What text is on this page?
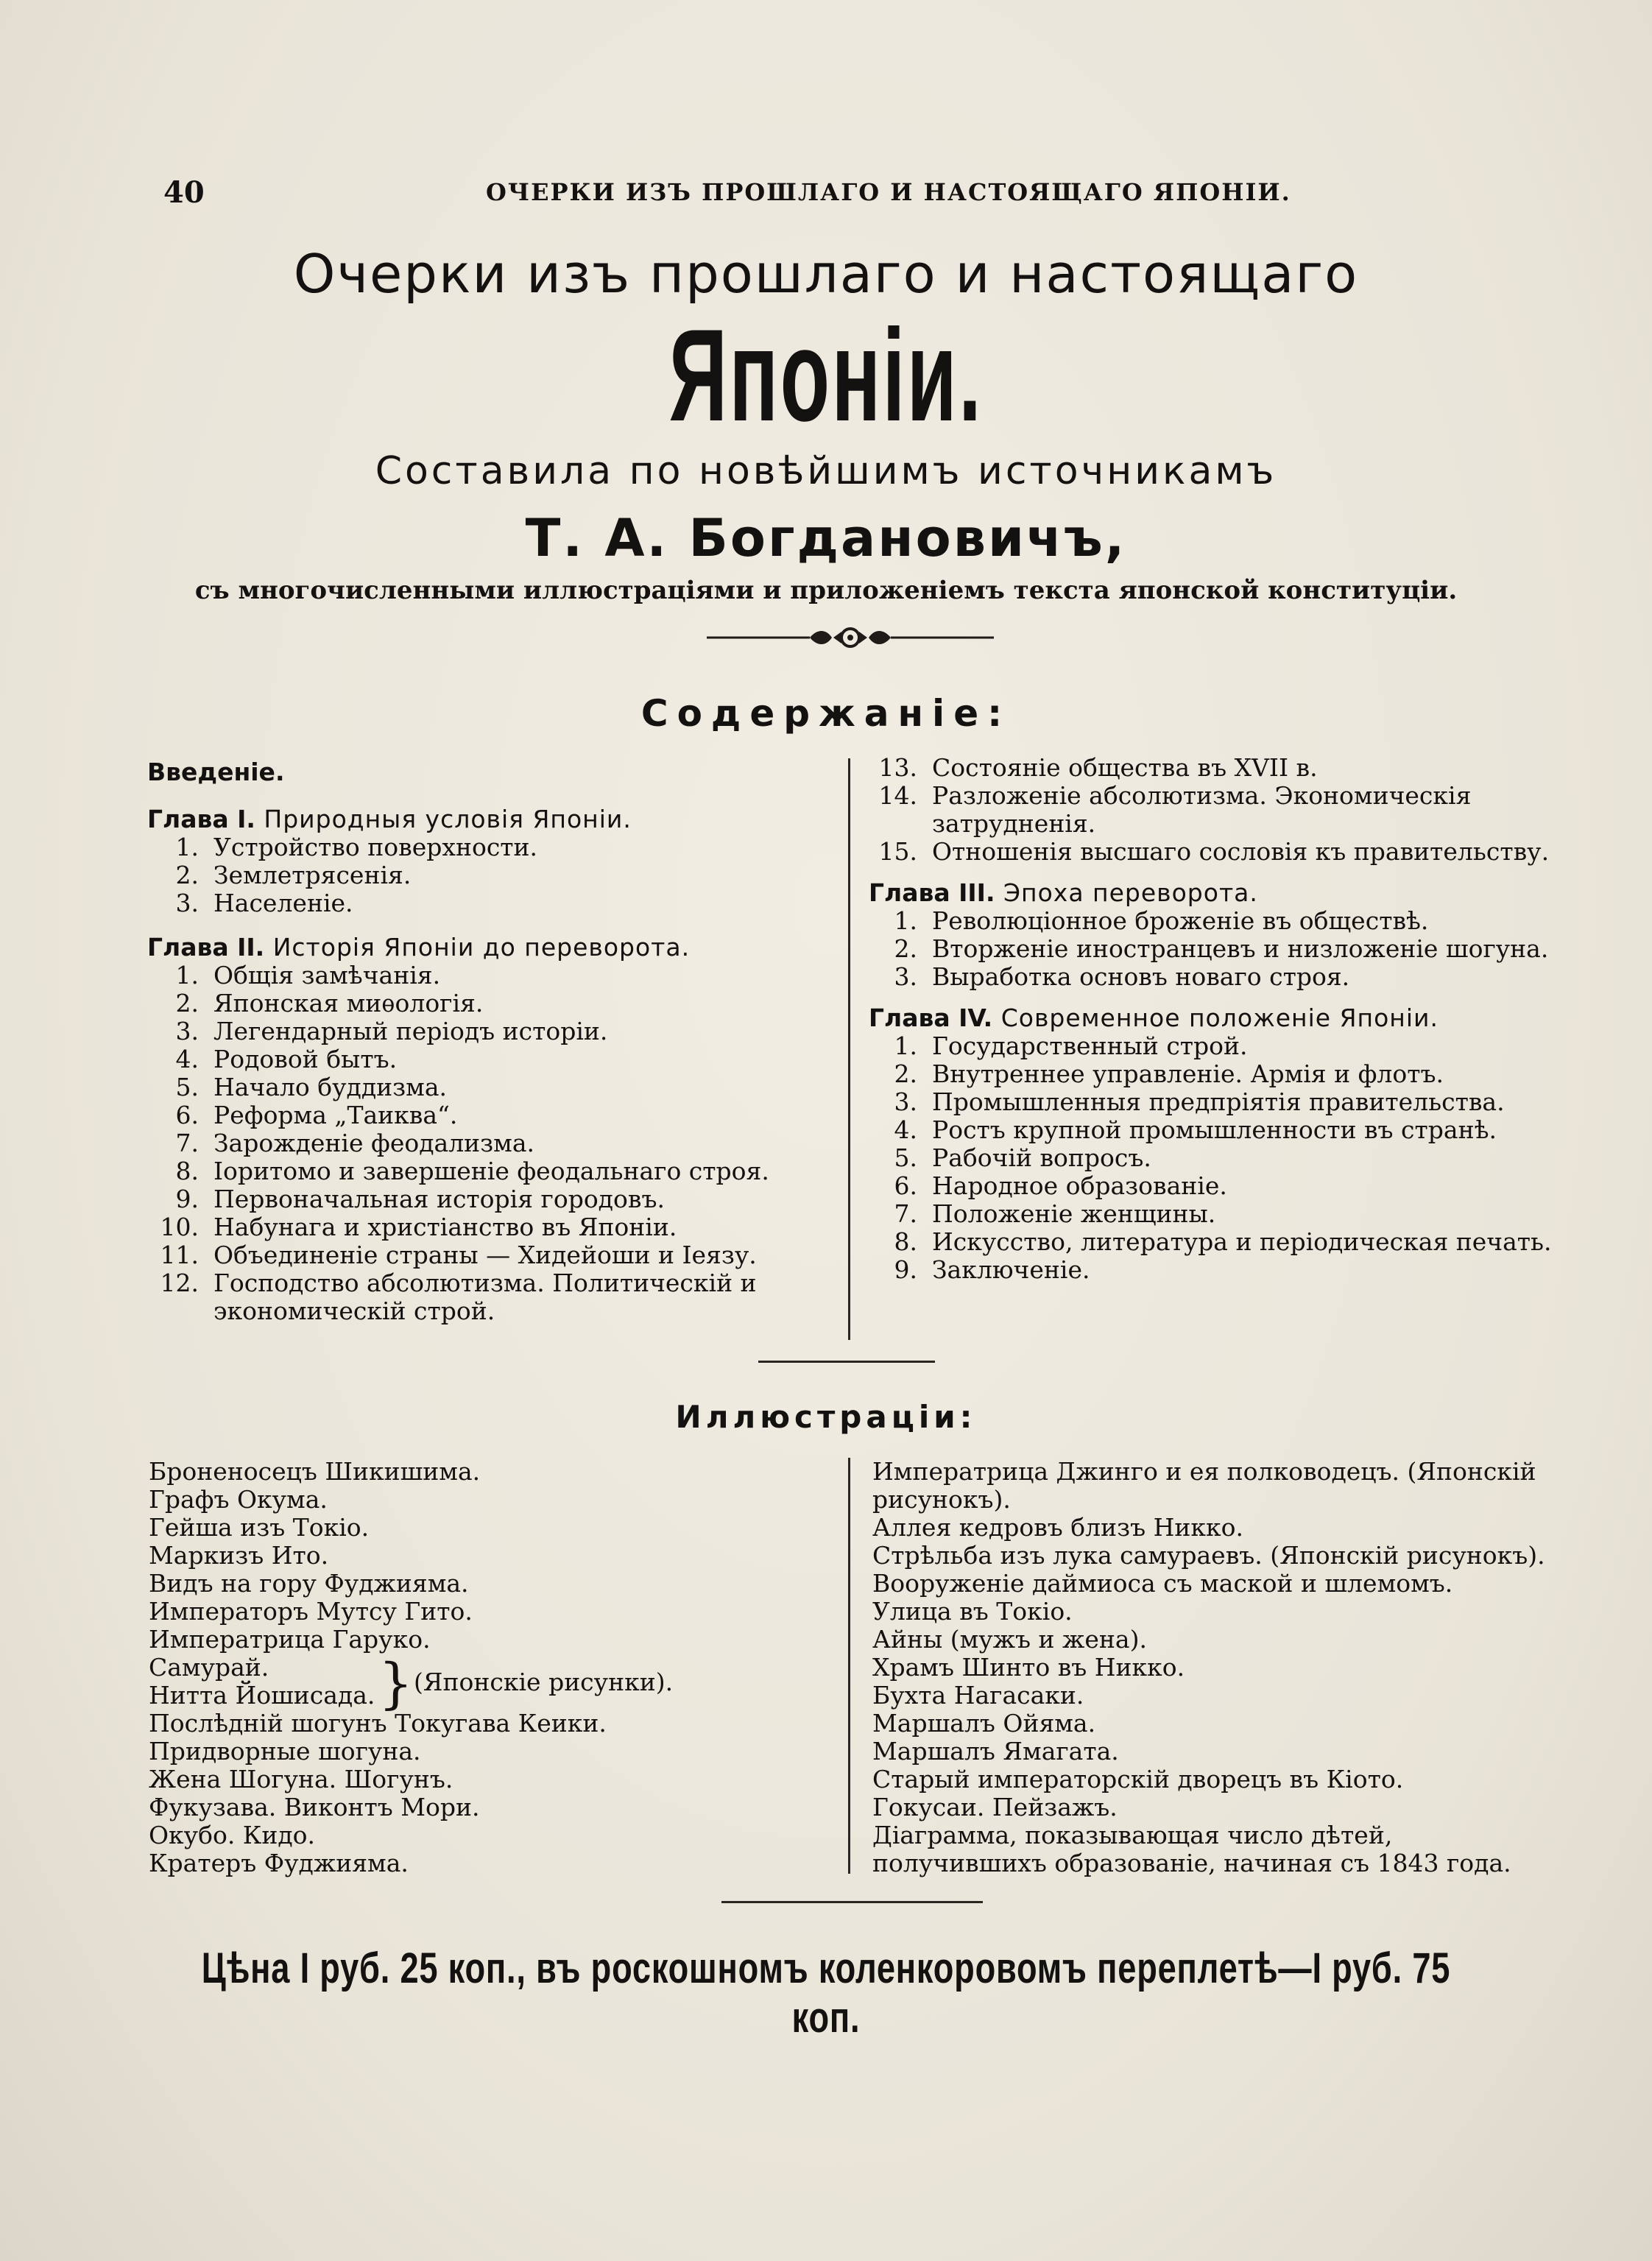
40	ОЧЕРКИ ИЗЪ ПРОШЛАГО И НАСТОЯЩАГО ЯПОНІИ.
Очерки изъ прошлаго и настоящаго
Японіи.
Составила по новѣйшимъ источникамъ
Т. А. Богдановичъ,
съ многочисленными иллюстраціями и приложеніемъ текста японской конституціи.
Содержаніе:
Введеніе.
Глава I. Природныя условія Японіи.
1. Устройство поверхности.
2. Землетрясенія.
3. Населеніе.
Глава II. Исторія Японіи до переворота.
1. Общія замѣчанія.
2. Японская миѳологія.
3. Легендарный періодъ исторіи.
4. Родовой бытъ.
5. Начало буддизма.
6. Реформа „Таиква“.
7. Зарожденіе феодализма.
8. Іоритомо и завершеніе феодальнаго строя.
9. Первоначальная исторія городовъ.
10. Набунага и христіанство въ Японіи.
11. Объединеніе страны — Хидейоши и Іеязу.
12. Господство абсолютизма. Политическій и экономическій строй.
13. Состояніе общества въ XVII в.
14. Разложеніе абсолютизма. Экономическія затрудненія.
15. Отношенія высшаго сословія къ правительству.
Глава III. Эпоха переворота.
1. Революціонное броженіе въ обществѣ.
2. Вторженіе иностранцевъ и низложеніе шогуна.
3. Выработка основъ новаго строя.
Глава IV. Современное положеніе Японіи.
1. Государственный строй.
2. Внутреннее управленіе. Армія и флотъ.
3. Промышленныя предпріятія правительства.
4. Ростъ крупной промышленности въ странѣ.
5. Рабочій вопросъ.
6. Народное образованіе.
7. Положеніе женщины.
8. Искусство, литература и періодическая печать.
9. Заключеніе.
Иллюстраціи:
Броненосецъ Шикишима.
Графъ Окума.
Гейша изъ Токіо.
Маркизъ Ито.
Видъ на гору Фуджияма.
Императоръ Мутсу Гито.
Императрица Гаруко.
Самурай.
Нитта Йошисада. } (Японскіе рисунки).
Послѣдній шогунъ Токугава Кеики.
Придворные шогуна.
Жена Шогуна. Шогунъ.
Фукузава. Виконтъ Мори.
Окубо. Кидо.
Кратеръ Фуджияма.
Императрица Джинго и ея полководецъ. (Японскій рисунокъ).
Аллея кедровъ близъ Никко.
Стрѣльба изъ лука самураевъ. (Японскій рисунокъ).
Вооруженіе даймиоса съ маской и шлемомъ.
Улица въ Токіо.
Айны (мужъ и жена).
Храмъ Шинто въ Никко.
Бухта Нагасаки.
Маршалъ Ойяма.
Маршалъ Ямагата.
Старый императорскій дворецъ въ Кіото.
Гокусаи. Пейзажъ.
Діаграмма, показывающая число дѣтей, получившихъ образованіе, начиная съ 1843 года.
Цѣна I руб. 25 коп., въ роскошномъ коленкоровомъ переплетѣ—I руб. 75 коп.
